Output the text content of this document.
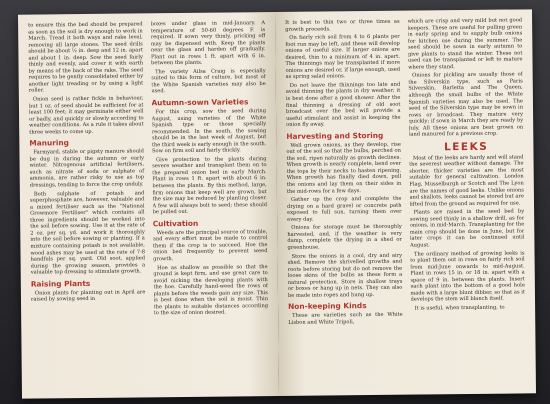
to ensure this the bed should be prepared as soon as the soil is dry enough to work in March. Tread it both ways and rake level, removing all large stones. The seed drills should be about ½ in. deep and 12 in. apart and about 1 in. deep. Sow the seed fairly thinly and evenly, and cover it with earth by means of the back of the rake. The seed requires to be gently consolidated either by another light treading or by using a light roller.

Onion seed is rather fickle in behaviour, but 1 oz. of seed should be sufficient for at least 100 feet; it may germinate either well or badly, and quickly or slowly according to weather conditions. As a rule it takes about three weeks to come up.

Manuring

Farmyard, stable or pigsty manure should be dug in during the autumn or early winter. Nitrogenous artificial fertilisers, such as nitrate of soda or sulphate of ammonia, are rather risky to use as top dressings, tending to force the crop unduly.

Both sulphate of potash and superphosphate are, however, valuable and a mixed fertiliser such as the "National Growmore Fertiliser" which contains all three ingredients should be worked into the soil before sowing. Use it at the rate of 2 oz. per sq. yd. and work it thoroughly into the soil before sowing or planting. If a mixture containing potash is not available, wood ashes may be used at the rate of 7-8 handfuls per sq. yard. Old soot, applied during the growing season, provides a valuable top dressing to stimulate growth.

Raising Plants

Onion plants for planting out in April are raised by sowing seed in

boxes under glass in mid-January. A temperature of 50-60 degrees F. is required. If sown very thinly, pricking off may be dispensed with. Keep the plants near the glass and harden off gradually. Plant out in rows 1 ft. apart with 6 in. between the plants.

The variety Ailsa Craig is especially suited to this form of culture, but most of the White Spanish varieties may also be used.

Autumn-sown Varieties

For this crop, sow the seed during August, using varieties of the White Spanish type or those specially recommended. In the south, the sowing should be in the last week of August, but the third week is early enough in the south. Sow on firm soil and fairly thickly.

Give protection to the plants during severe weather and transplant them on to the prepared onion bed in early March. Plant in rows 1 ft. apart with about 6 in. between the plants. By this method, large, firm onions that keep well are grown, but the size may be reduced by planting closer. A few will always bolt to seed; these should be pulled out.

Cultivation

Weeds are the principal source of trouble, and every effort must be made to control them if the crop is to succeed. Hoe the onion bed frequently to prevent weed growth.

Hoe as shallow as possible so that the ground is kept firm, and use great care to avoid nicking the developing plants with the hoe. Carefully hand-weed the rows of plants before the weeds gain any size. This is best done when the soil is moist. Thin the plants to suitable distances according to the size of onion desired.

It is best to thin two or three times as growth proceeds.

On fairly rich soil from 4 to 6 plants per foot run may be left, and these will develop onions of useful size. If larger onions are desired, thin to a minimum of 4 in. apart. The thinnings may be transplanted if more onions are desired or, if large enough, used as spring salad onions.

Do not leave the thinnings too late and avoid thinning the plants in dry weather; it is best done after a good shower. After the final thinning a dressing of old soot broadcast over the bed will provide a useful stimulant and assist in keeping the onion fly away.

Harvesting and Storing

Well grown onions, as they develop, rise out of the soil so that the bulbs, perched on the soil, ripen naturally as growth declines. When growth is nearly complete, bend over the tops by their necks to hasten ripening. When growth has finally died down, pull the onions and lay them on their sides in the mid-rows for a few days.

Gather up the crop and complete the drying on a hard gravel or concrete path exposed to full sun, turning them over every day.

Onions for storage must be thoroughly harvested, and, if the weather is very damp, complete the drying in a shed or greenhouse.

Store the onions in a cool, dry and airy shed. Remove the shrivelled growths and roots before storing but do not remove the loose skins of the bulbs as these form a natural protection. Store in shallow trays or boxes or hang up in nets. They can also be made into ropes and hung up.

Non-keeping Kinds

These are varieties such as the White Lisbon and White Tripoli,

which are crisp and very mild but not good keepers. These are useful for pulling green in early spring and to supply bulb onions for kitchen use during the summer. The seed should be sown in early autumn to give plants to stand the winter. These not used can be transplanted or left to mature where they stand.

Onions for pickling are usually those of the Silverskin type, such as Paris Silverskin, Barletta and The Queen, although the small bulbs of the White Spanish varieties may also be used. The seed of the Silverskin type may be sown in rows or broadcast. They mature very quickly; if sown in March they are ready by July. All these onions are best grown on land manured for a previous crop.

LEEKS

Most of the leeks are hardy and will stand the severest weather without damage. The shorter, thicker varieties are the most suitable for general cultivation. London Flag, Musselburgh or Scotch and The Lyon are the names of good leeks. Unlike onions and shallots, leeks cannot be stored but are lifted from the ground as required for use.

Plants are raised in the seed bed by sowing seed thinly in a shallow drill, as for onions, in mid-March. Transplanting for the main crop should be done in June, but for later crops it can be continued until August.

The ordinary method of growing leeks is to plant them out in rows on fairly rich soil from mid-June onwards to mid-August. Plant in rows 15 in. or 18 in. apart with a space of 9 in. between the plants. Insert each plant into the bottom of a good hole made with a large blunt dibber, so that as it develops the stem will blanch itself.

It is useful, when transplanting, to
